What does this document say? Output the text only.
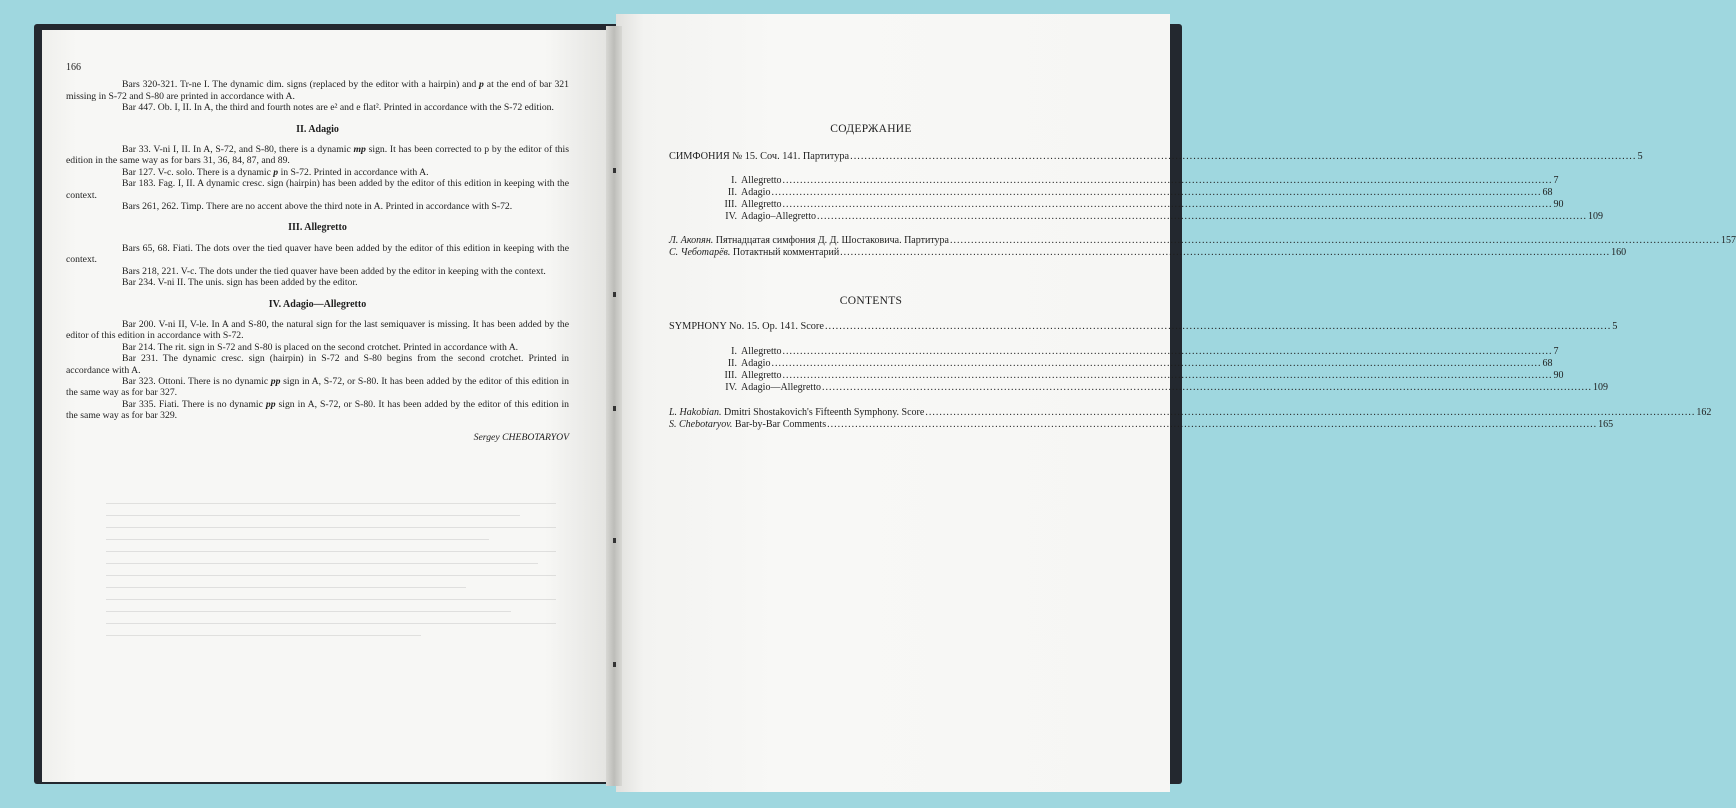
166

Bars 320-321. Tr-ne I. The dynamic dim. signs (replaced by the editor with a hairpin) and p at the end of bar 321 missing in S-72 and S-80 are printed in accordance with A.

Bar 447. Ob. I, II. In A, the third and fourth notes are e² and e flat². Printed in accordance with the S-72 edition.

II. Adagio

Bar 33. V-ni I, II. In A, S-72, and S-80, there is a dynamic mp sign. It has been corrected to p by the editor of this edition in the same way as for bars 31, 36, 84, 87, and 89.

Bar 127. V-c. solo. There is a dynamic p in S-72. Printed in accordance with A.

Bar 183. Fag. I, II. A dynamic cresc. sign (hairpin) has been added by the editor of this edition in keeping with the context.

Bars 261, 262. Timp. There are no accent above the third note in A. Printed in accordance with S-72.

III. Allegretto

Bars 65, 68. Fiati. The dots over the tied quaver have been added by the editor of this edition in keeping with the context.

Bars 218, 221. V-c. The dots under the tied quaver have been added by the editor in keeping with the context.

Bar 234. V-ni II. The unis. sign has been added by the editor.

IV. Adagio—Allegretto

Bar 200. V-ni II, V-le. In A and S-80, the natural sign for the last semiquaver is missing. It has been added by the editor of this edition in accordance with S-72.

Bar 214. The rit. sign in S-72 and S-80 is placed on the second crotchet. Printed in accordance with A.

Bar 231. The dynamic cresc. sign (hairpin) in S-72 and S-80 begins from the second crotchet. Printed in accordance with A.

Bar 323. Ottoni. There is no dynamic pp sign in A, S-72, or S-80. It has been added by the editor of this edition in the same way as for bar 327.

Bar 335. Fiati. There is no dynamic pp sign in A, S-72, or S-80. It has been added by the editor of this edition in the same way as for bar 329.

Sergey CHEBOTARYOV
СОДЕРЖАНИЕ
СИМФОНИЯ № 15. Соч. 141. Партитура ............................................................................................................................................................................................................................ 5
I. Allegretto ............................................................................................................................................................................................................................ 7
II. Adagio ............................................................................................................................................................................................................................ 68
III. Allegretto ............................................................................................................................................................................................................................ 90
IV. Adagio–Allegretto ............................................................................................................................................................................................................................ 109
Л. Акопян. Пятнадцатая симфония Д. Д. Шостаковича. Партитура ............................................................................................................................................................................................................................ 157
С. Чеботарёв. Потактный комментарий ............................................................................................................................................................................................................................ 160
CONTENTS
SYMPHONY No. 15. Op. 141. Score ............................................................................................................................................................................................................................ 5
I. Allegretto ............................................................................................................................................................................................................................ 7
II. Adagio ............................................................................................................................................................................................................................ 68
III. Allegretto ............................................................................................................................................................................................................................ 90
IV. Adagio—Allegretto ............................................................................................................................................................................................................................ 109
L. Hakobian. Dmitri Shostakovich's Fifteenth Symphony. Score ............................................................................................................................................................................................................................ 162
S. Chebotaryov. Bar-by-Bar Comments ............................................................................................................................................................................................................................ 165
